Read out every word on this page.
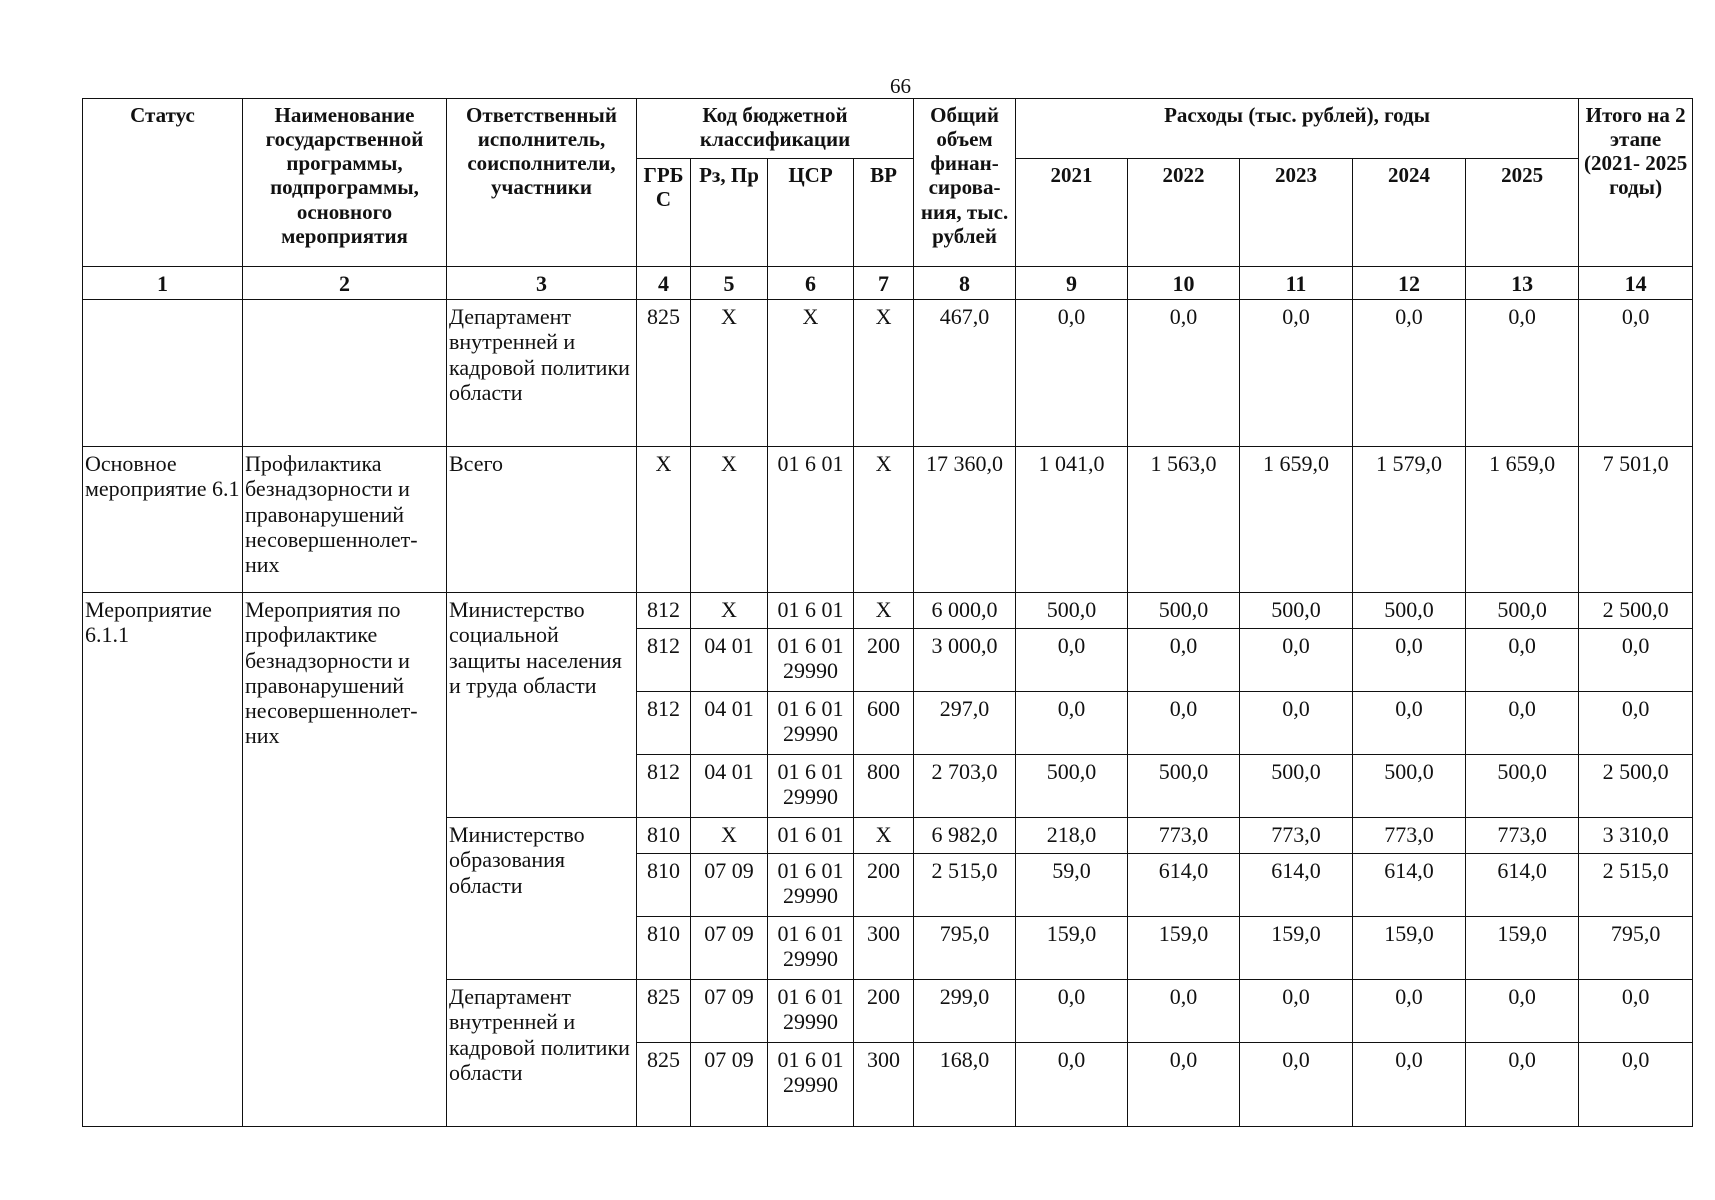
66
Статус	Наименование государственной программы, подпрограммы, основного мероприятия	Ответственный исполнитель, соисполнители, участники	Код бюджетной классификации				Общий объем финан- сирова- ния, тыс. рублей	Расходы (тыс. рублей), годы					Итого на 2 этапе (2021- 2025 годы)
			ГРБ С	Рз, Пр	ЦСР	ВР		2021	2022	2023	2024	2025	
1	2	3	4	5	6	7	8	9	10	11	12	13	14
		Департамент внутренней и кадровой политики области	825	Х	Х	Х	467,0	0,0	0,0	0,0	0,0	0,0	0,0
Основное мероприятие 6.1	Профилактика безнадзорности и правонарушений несовершеннолет- них	Всего	Х	Х	01 6 01	Х	17 360,0	1 041,0	1 563,0	1 659,0	1 579,0	1 659,0	7 501,0
Мероприятие 6.1.1	Мероприятия по профилактике безнадзорности и правонарушений несовершеннолет- них	Министерство социальной защиты населения и труда области	812	Х	01 6 01	Х	6 000,0	500,0	500,0	500,0	500,0	500,0	2 500,0
			812	04 01	01 6 01 29990	200	3 000,0	0,0	0,0	0,0	0,0	0,0	0,0
			812	04 01	01 6 01 29990	600	297,0	0,0	0,0	0,0	0,0	0,0	0,0
			812	04 01	01 6 01 29990	800	2 703,0	500,0	500,0	500,0	500,0	500,0	2 500,0
		Министерство образования области	810	Х	01 6 01	Х	6 982,0	218,0	773,0	773,0	773,0	773,0	3 310,0
			810	07 09	01 6 01 29990	200	2 515,0	59,0	614,0	614,0	614,0	614,0	2 515,0
			810	07 09	01 6 01 29990	300	795,0	159,0	159,0	159,0	159,0	159,0	795,0
		Департамент внутренней и кадровой политики области	825	07 09	01 6 01 29990	200	299,0	0,0	0,0	0,0	0,0	0,0	0,0
			825	07 09	01 6 01 29990	300	168,0	0,0	0,0	0,0	0,0	0,0	0,0
